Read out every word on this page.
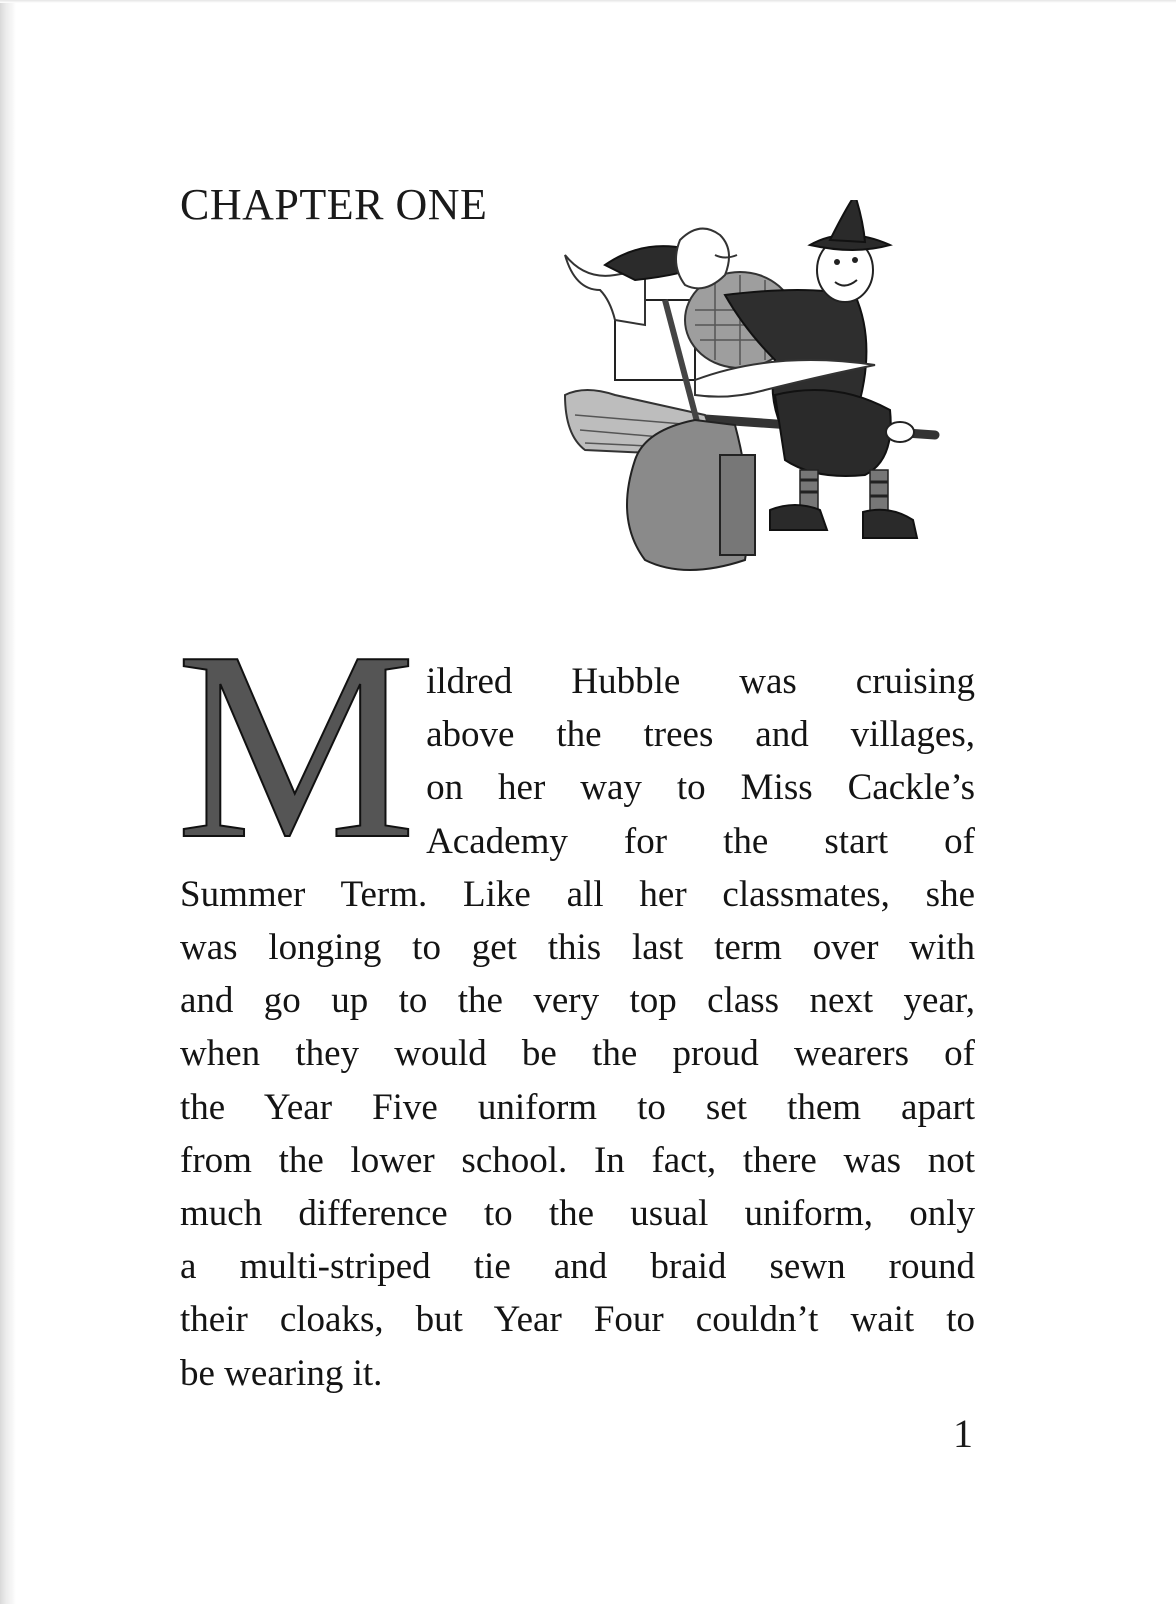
CHAPTER ONE
M ildred Hubble was cruising
above the trees and villages,
on her way to Miss Cackle’s
Academy for the start of
Summer Term. Like all her classmates, she
was longing to get this last term over with
and go up to the very top class next year,
when they would be the proud wearers of
the Year Five uniform to set them apart
from the lower school. In fact, there was not
much difference to the usual uniform, only
a multi-striped tie and braid sewn round
their cloaks, but Year Four couldn’t wait to
be wearing it.
1
